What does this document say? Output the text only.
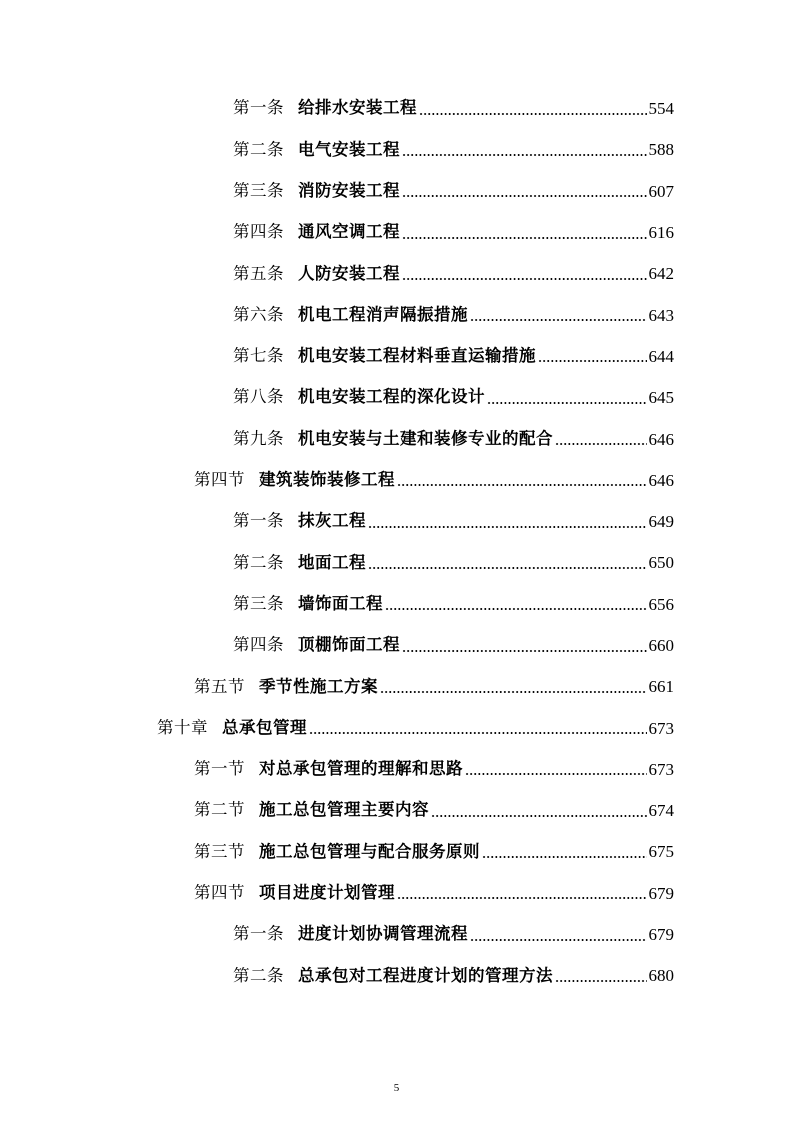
第一条 给排水安装工程	554
第二条 电气安装工程	588
第三条 消防安装工程	607
第四条 通风空调工程	616
第五条 人防安装工程	642
第六条 机电工程消声隔振措施	643
第七条 机电安装工程材料垂直运输措施	644
第八条 机电安装工程的深化设计	645
第九条 机电安装与土建和装修专业的配合	646
第四节 建筑装饰装修工程	646
第一条 抹灰工程	649
第二条 地面工程	650
第三条 墙饰面工程	656
第四条 顶棚饰面工程	660
第五节 季节性施工方案	661
第十章 总承包管理	673
第一节 对总承包管理的理解和思路	673
第二节 施工总包管理主要内容	674
第三节 施工总包管理与配合服务原则	675
第四节 项目进度计划管理	679
第一条 进度计划协调管理流程	679
第二条 总承包对工程进度计划的管理方法	680
5
